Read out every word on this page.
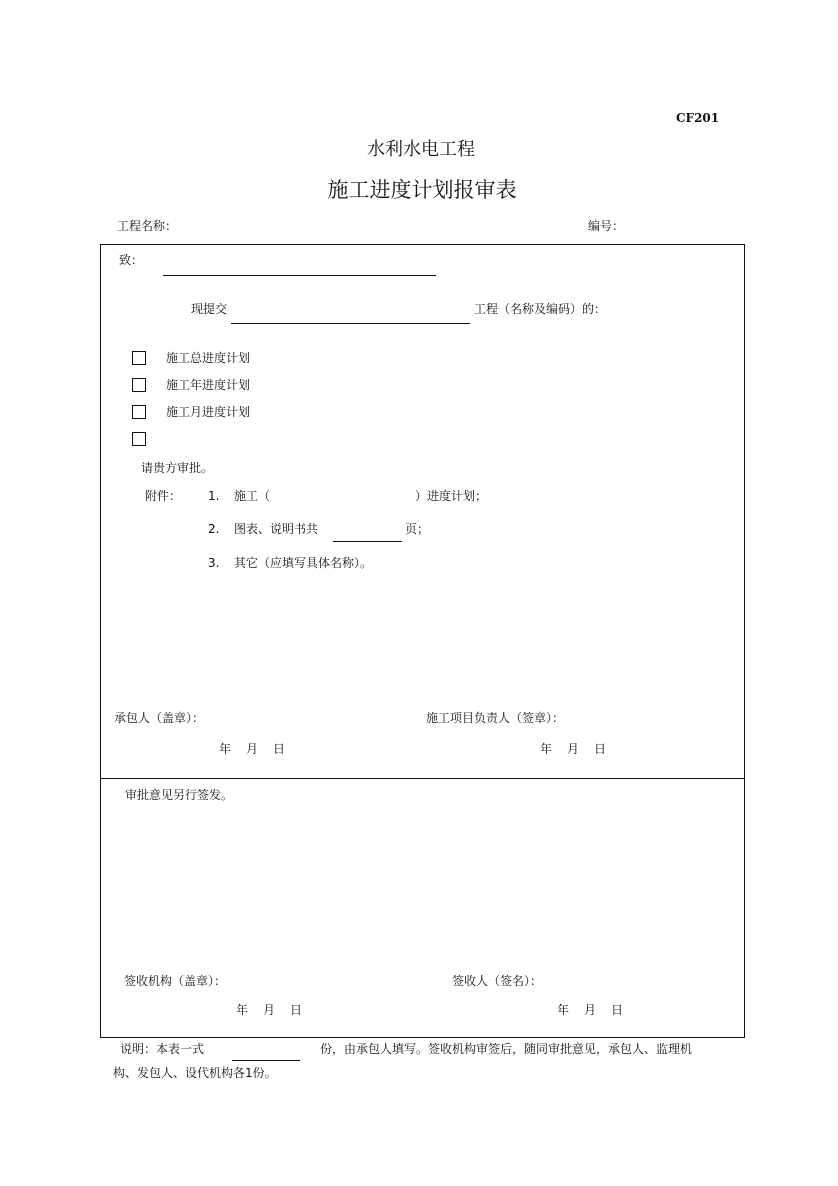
CF201
水利水电工程
施工进度计划报审表
工程名称：	编号：
致：
现提交	工程（名称及编码）的：
施工总进度计划
施工年进度计划
施工月进度计划
请贵方审批。
附件： 1. 施工（	）进度计划；
2. 图表、说明书共	页；
3. 其它（应填写具体名称）。
承包人（盖章）：	施工项目负责人（签章）：
年 月 日	年 月 日
审批意见另行签发。
签收机构（盖章）：	签收人（签名）：
年 月 日	年 月 日
说明：本表一式	份，由承包人填写。签收机构审签后，随同审批意见，承包人、监理机
构、发包人、设代机构各1份。
